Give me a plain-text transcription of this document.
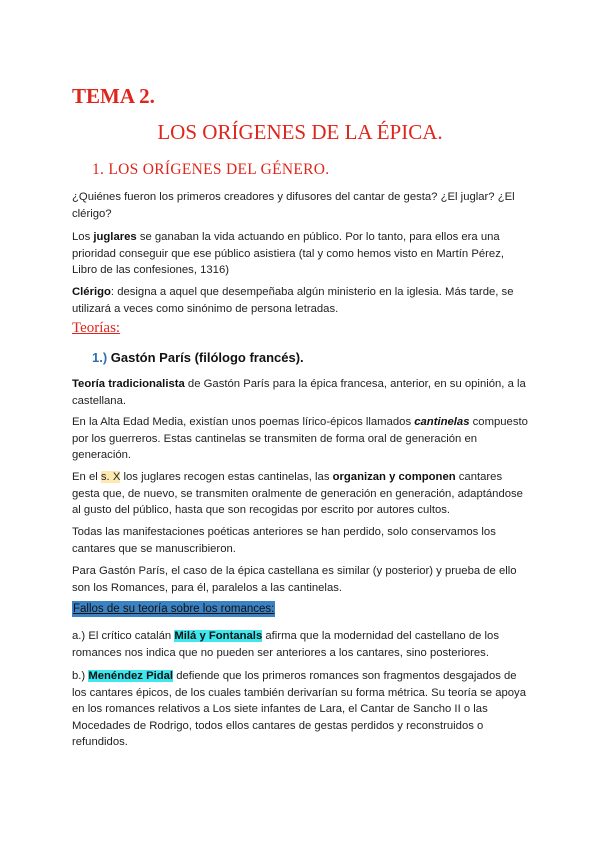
TEMA 2.
LOS ORÍGENES DE LA ÉPICA.
1. LOS ORÍGENES DEL GÉNERO.
¿Quiénes fueron los primeros creadores y difusores del cantar de gesta? ¿El juglar? ¿El clérigo?
Los juglares se ganaban la vida actuando en público. Por lo tanto, para ellos era una prioridad conseguir que ese público asistiera (tal y como hemos visto en Martín Pérez, Libro de las confesiones, 1316)
Clérigo: designa a aquel que desempeñaba algún ministerio en la iglesia. Más tarde, se utilizará a veces como sinónimo de persona letradas.
Teorías:
1.) Gastón París (filólogo francés).
Teoría tradicionalista de Gastón París para la épica francesa, anterior, en su opinión, a la castellana.
En la Alta Edad Media, existían unos poemas lírico-épicos llamados cantinelas compuesto por los guerreros. Estas cantinelas se transmiten de forma oral de generación en generación.
En el s. X los juglares recogen estas cantinelas, las organizan y componen cantares gesta que, de nuevo, se transmiten oralmente de generación en generación, adaptándose al gusto del público, hasta que son recogidas por escrito por autores cultos.
Todas las manifestaciones poéticas anteriores se han perdido, solo conservamos los cantares que se manuscribieron.
Para Gastón París, el caso de la épica castellana es similar (y posterior) y prueba de ello son los Romances, para él, paralelos a las cantinelas.
Fallos de su teoría sobre los romances:
a.) El crítico catalán Milá y Fontanals afirma que la modernidad del castellano de los romances nos indica que no pueden ser anteriores a los cantares, sino posteriores.
b.) Menéndez Pidal defiende que los primeros romances son fragmentos desgajados de los cantares épicos, de los cuales también derivarían su forma métrica. Su teoría se apoya en los romances relativos a Los siete infantes de Lara, el Cantar de Sancho II o las Mocedades de Rodrigo, todos ellos cantares de gestas perdidos y reconstruidos o refundidos.
